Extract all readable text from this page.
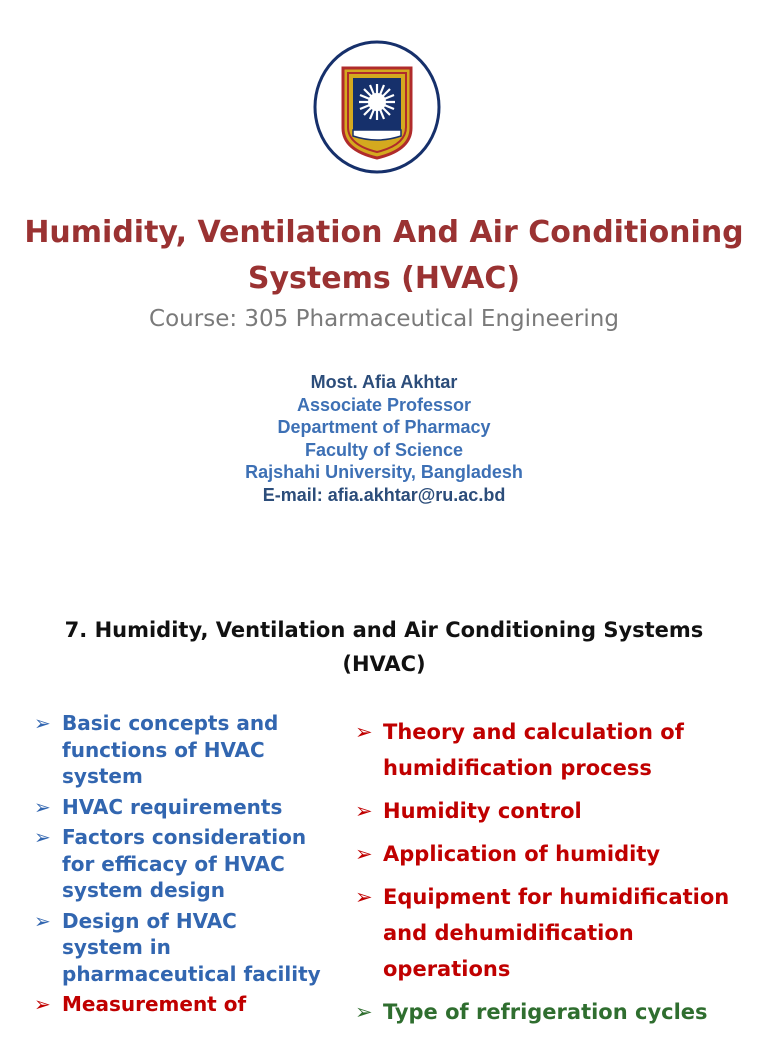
Humidity, Ventilation And Air Conditioning
Systems (HVAC)
Course: 305 Pharmaceutical Engineering
Most. Afia Akhtar
Associate Professor
Department of Pharmacy
Faculty of Science
Rajshahi University, Bangladesh
E-mail: afia.akhtar@ru.ac.bd
7. Humidity, Ventilation and Air Conditioning Systems
(HVAC)
➢ Basic concepts and
functions of HVAC
system
➢ HVAC requirements
➢ Factors consideration
for efficacy of HVAC
system design
➢ Design of HVAC
system in
pharmaceutical facility
➢ Measurement of
➢ Theory and calculation of
humidification process
➢ Humidity control
➢ Application of humidity
➢ Equipment for humidification
and dehumidification
operations
➢ Type of refrigeration cycles
